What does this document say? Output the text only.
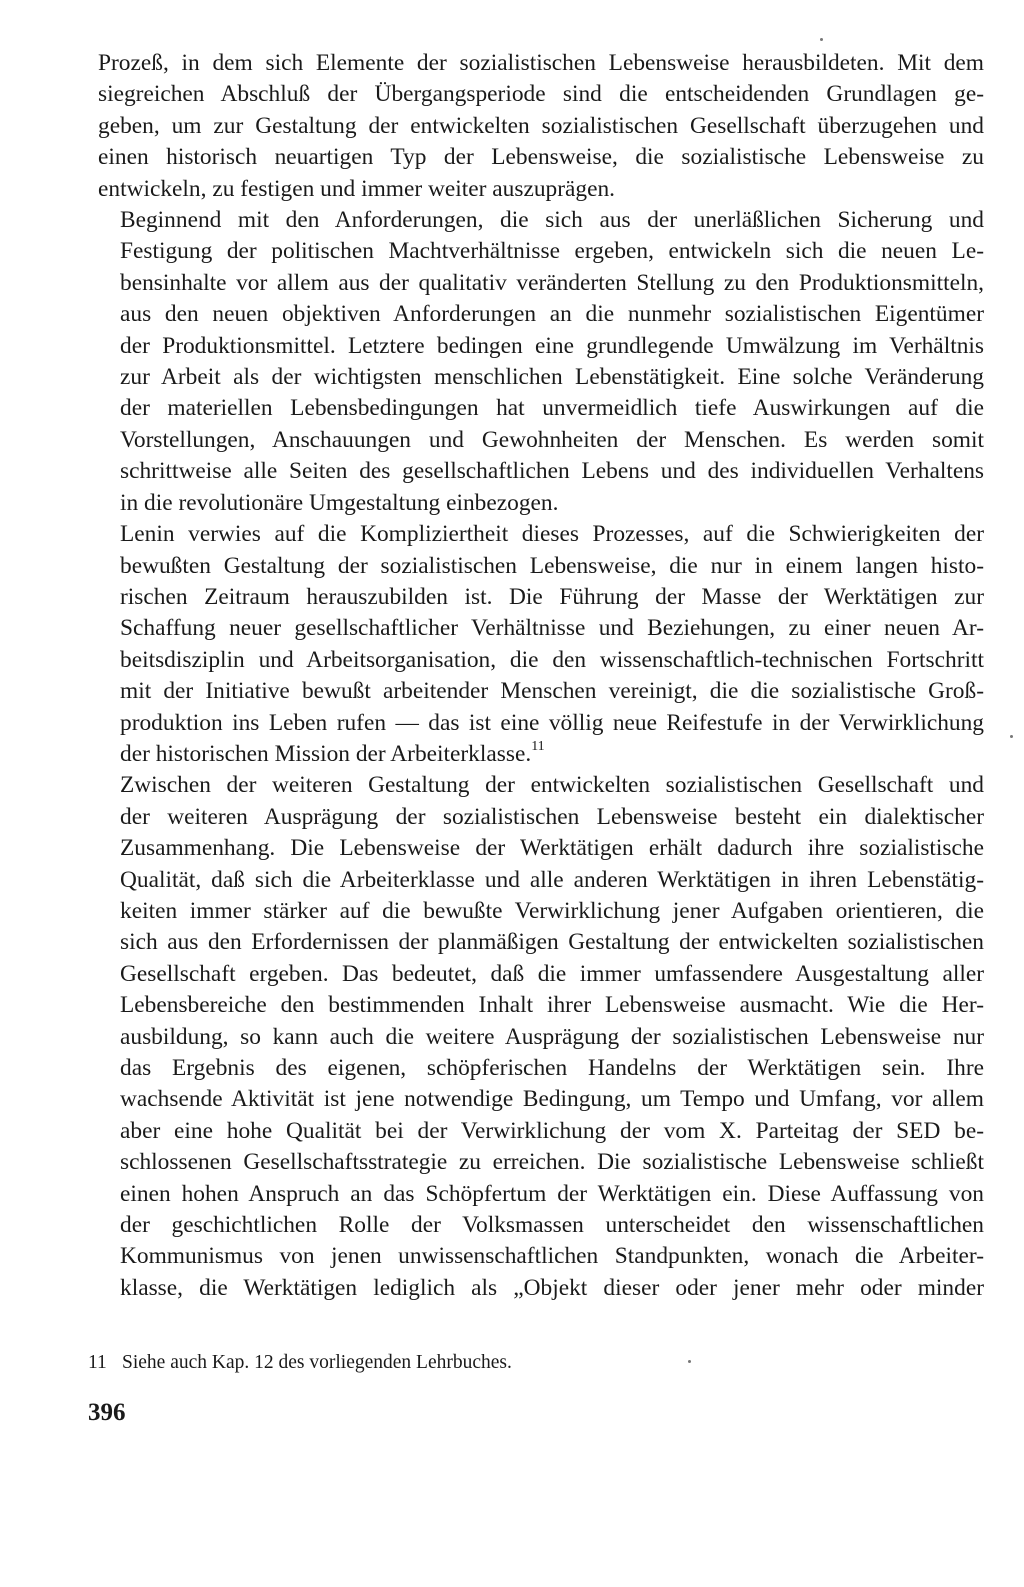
Prozeß, in dem sich Elemente der sozialistischen Lebensweise herausbildeten. Mit dem
siegreichen Abschluß der Übergangsperiode sind die entscheidenden Grundlagen ge-
geben, um zur Gestaltung der entwickelten sozialistischen Gesellschaft überzugehen und
einen historisch neuartigen Typ der Lebensweise, die sozialistische Lebensweise zu
entwickeln, zu festigen und immer weiter auszuprägen.

Beginnend mit den Anforderungen, die sich aus der unerläßlichen Sicherung und
Festigung der politischen Machtverhältnisse ergeben, entwickeln sich die neuen Le-
bensinhalte vor allem aus der qualitativ veränderten Stellung zu den Produktionsmitteln,
aus den neuen objektiven Anforderungen an die nunmehr sozialistischen Eigentümer
der Produktionsmittel. Letztere bedingen eine grundlegende Umwälzung im Verhältnis
zur Arbeit als der wichtigsten menschlichen Lebenstätigkeit. Eine solche Veränderung
der materiellen Lebensbedingungen hat unvermeidlich tiefe Auswirkungen auf die
Vorstellungen, Anschauungen und Gewohnheiten der Menschen. Es werden somit
schrittweise alle Seiten des gesellschaftlichen Lebens und des individuellen Verhaltens
in die revolutionäre Umgestaltung einbezogen.

Lenin verwies auf die Kompliziertheit dieses Prozesses, auf die Schwierigkeiten der
bewußten Gestaltung der sozialistischen Lebensweise, die nur in einem langen histo-
rischen Zeitraum herauszubilden ist. Die Führung der Masse der Werktätigen zur
Schaffung neuer gesellschaftlicher Verhältnisse und Beziehungen, zu einer neuen Ar-
beitsdisziplin und Arbeitsorganisation, die den wissenschaftlich-technischen Fortschritt
mit der Initiative bewußt arbeitender Menschen vereinigt, die die sozialistische Groß-
produktion ins Leben rufen — das ist eine völlig neue Reifestufe in der Verwirklichung
der historischen Mission der Arbeiterklasse.$^{11}$

Zwischen der weiteren Gestaltung der entwickelten sozialistischen Gesellschaft und
der weiteren Ausprägung der sozialistischen Lebensweise besteht ein dialektischer
Zusammenhang. Die Lebensweise der Werktätigen erhält dadurch ihre sozialistische
Qualität, daß sich die Arbeiterklasse und alle anderen Werktätigen in ihren Lebenstätig-
keiten immer stärker auf die bewußte Verwirklichung jener Aufgaben orientieren, die
sich aus den Erfordernissen der planmäßigen Gestaltung der entwickelten sozialistischen
Gesellschaft ergeben. Das bedeutet, daß die immer umfassendere Ausgestaltung aller
Lebensbereiche den bestimmenden Inhalt ihrer Lebensweise ausmacht. Wie die Her-
ausbildung, so kann auch die weitere Ausprägung der sozialistischen Lebensweise nur
das Ergebnis des eigenen, schöpferischen Handelns der Werktätigen sein. Ihre
wachsende Aktivität ist jene notwendige Bedingung, um Tempo und Umfang, vor allem
aber eine hohe Qualität bei der Verwirklichung der vom X. Parteitag der SED be-
schlossenen Gesellschaftsstrategie zu erreichen. Die sozialistische Lebensweise schließt
einen hohen Anspruch an das Schöpfertum der Werktätigen ein. Diese Auffassung von
der geschichtlichen Rolle der Volksmassen unterscheidet den wissenschaftlichen
Kommunismus von jenen unwissenschaftlichen Standpunkten, wonach die Arbeiter-
klasse, die Werktätigen lediglich als „Objekt dieser oder jener mehr oder minder

11 Siehe auch Kap. 12 des vorliegenden Lehrbuches.
396
